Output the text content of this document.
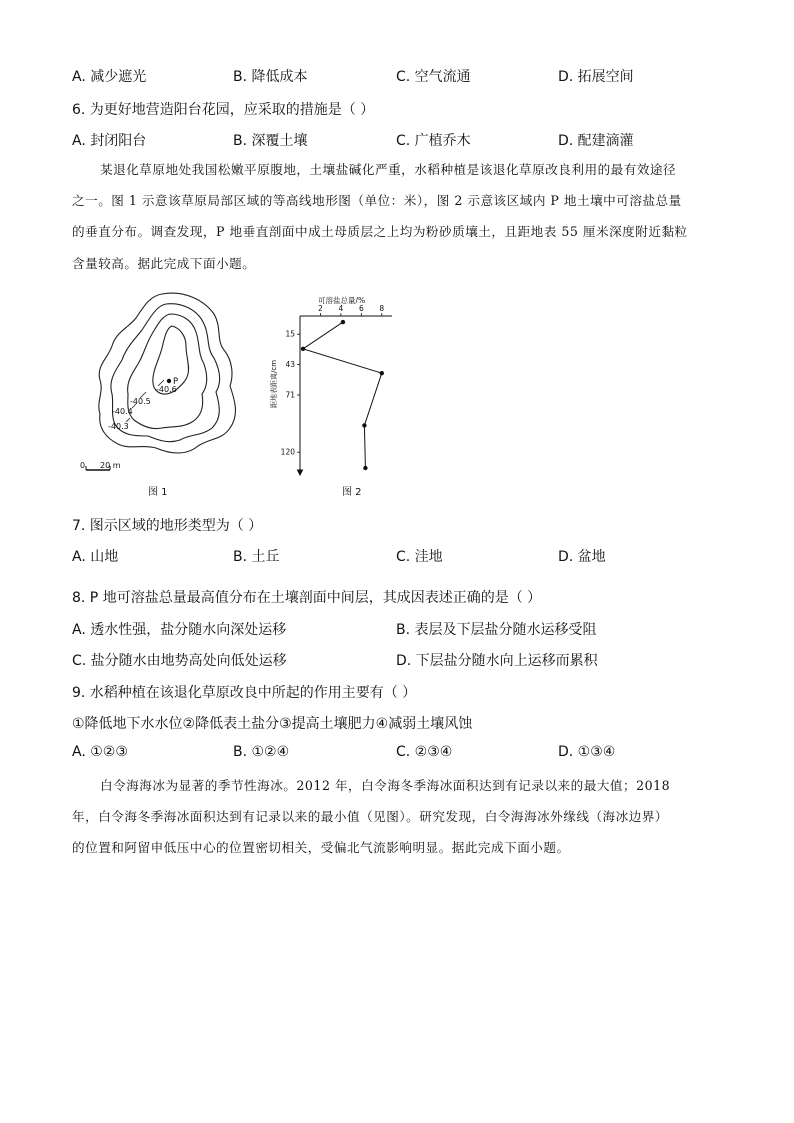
A. 减少遮光	B. 降低成本	C. 空气流通	D. 拓展空间
6. 为更好地营造阳台花园，应采取的措施是（ ）
A. 封闭阳台	B. 深覆土壤	C. 广植乔木	D. 配建滴灌
某退化草原地处我国松嫩平原腹地，土壤盐碱化严重，水稻种植是该退化草原改良利用的最有效途径
之一。图 1 示意该草原局部区域的等高线地形图（单位：米），图 2 示意该区域内 P 地土壤中可溶盐总量
的垂直分布。调查发现，P 地垂直剖面中成土母质层之上均为粉砂质壤土，且距地表 55 厘米深度附近黏粒
含量较高。据此完成下面小题。
P
-40.6
-40.5
-40.4
-40.3
0 20 m
图 1
可溶盐总量/%
2 4 6 8
15
43
71
120
距地表距离/cm
图 2
7. 图示区域的地形类型为（ ）
A. 山地	B. 土丘	C. 洼地	D. 盆地
8. P 地可溶盐总量最高值分布在土壤剖面中间层，其成因表述正确的是（ ）
A. 透水性强，盐分随水向深处运移	B. 表层及下层盐分随水运移受阻
C. 盐分随水由地势高处向低处运移	D. 下层盐分随水向上运移而累积
9. 水稻种植在该退化草原改良中所起的作用主要有（ ）
①降低地下水水位②降低表土盐分③提高土壤肥力④减弱土壤风蚀
A. ①②③	B. ①②④	C. ②③④	D. ①③④
白令海海冰为显著的季节性海冰。2012 年，白令海冬季海冰面积达到有记录以来的最大值；2018
年，白令海冬季海冰面积达到有记录以来的最小值（见图）。研究发现，白令海海冰外缘线（海冰边界）
的位置和阿留申低压中心的位置密切相关，受偏北气流影响明显。据此完成下面小题。
